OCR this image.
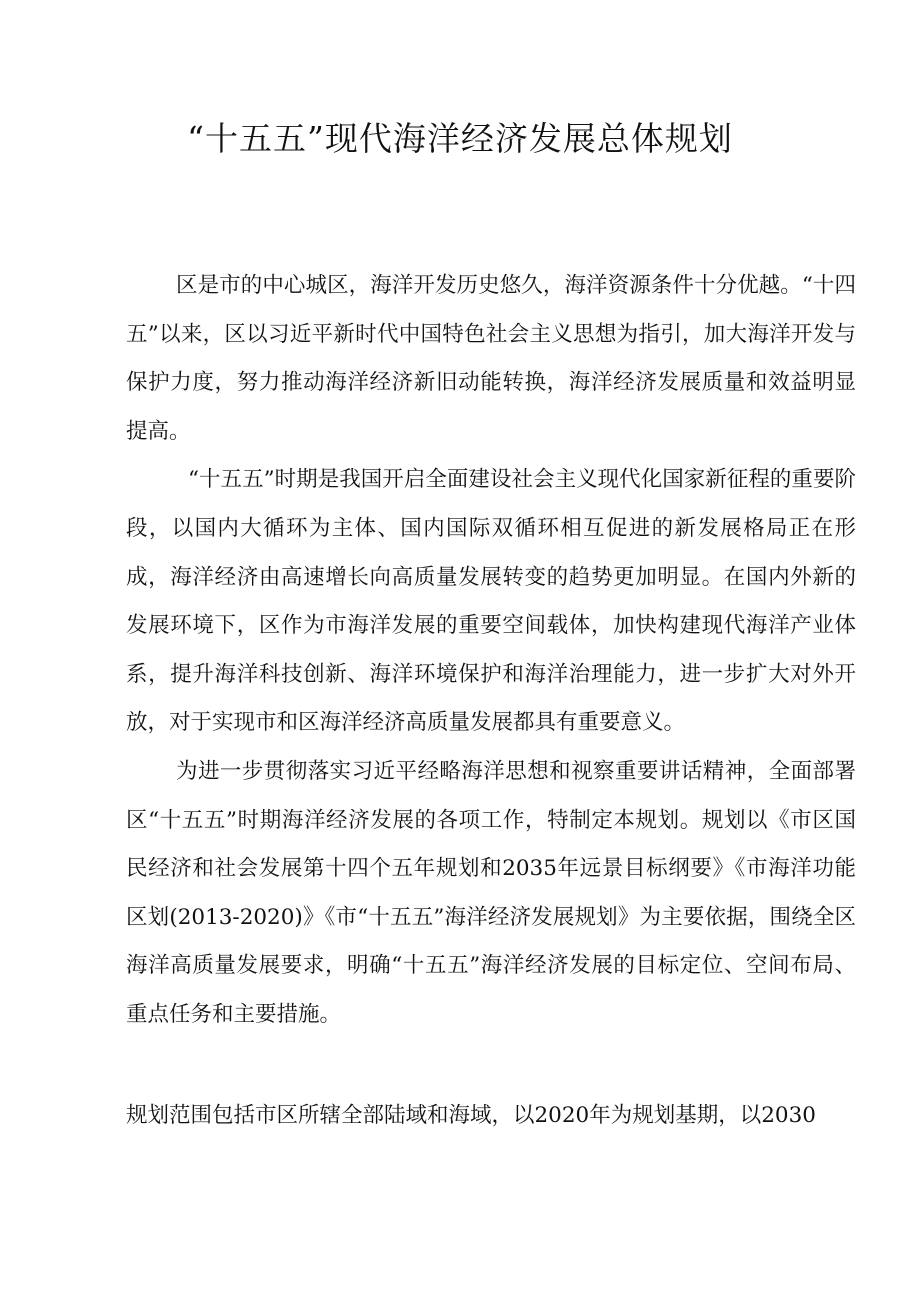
“十五五”现代海洋经济发展总体规划

区是市的中心城区，海洋开发历史悠久，海洋资源条件十分优越。“十四五”以来，区以习近平新时代中国特色社会主义思想为指引，加大海洋开发与保护力度，努力推动海洋经济新旧动能转换，海洋经济发展质量和效益明显提高。

“十五五”时期是我国开启全面建设社会主义现代化国家新征程的重要阶段，以国内大循环为主体、国内国际双循环相互促进的新发展格局正在形成，海洋经济由高速增长向高质量发展转变的趋势更加明显。在国内外新的发展环境下，区作为市海洋发展的重要空间载体，加快构建现代海洋产业体系，提升海洋科技创新、海洋环境保护和海洋治理能力，进一步扩大对外开放，对于实现市和区海洋经济高质量发展都具有重要意义。

为进一步贯彻落实习近平经略海洋思想和视察重要讲话精神，全面部署区“十五五”时期海洋经济发展的各项工作，特制定本规划。规划以《市区国民经济和社会发展第十四个五年规划和2035年远景目标纲要》《市海洋功能区划(2013-2020)》《市“十五五”海洋经济发展规划》为主要依据，围绕全区海洋高质量发展要求，明确“十五五”海洋经济发展的目标定位、空间布局、重点任务和主要措施。

规划范围包括市区所辖全部陆域和海域，以2020年为规划基期，以2030
